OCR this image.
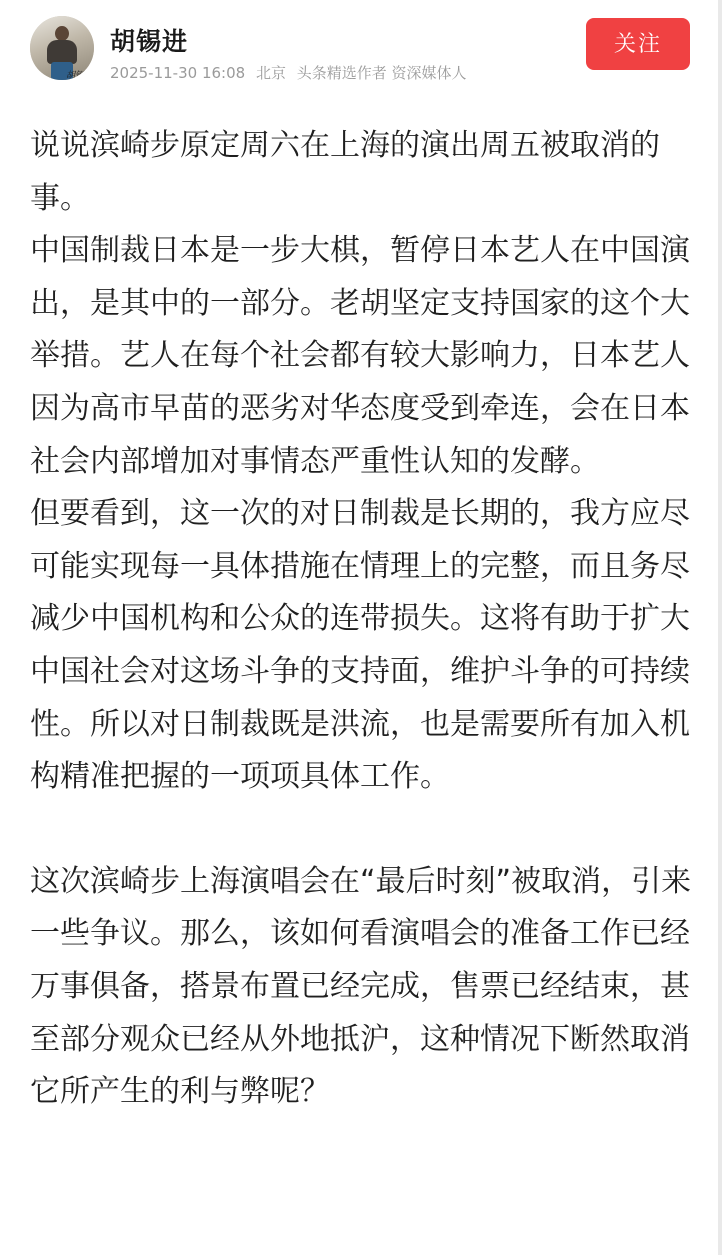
胡锡进
胡锡进
2025-11-30 16:08 北京 头条精选作者 资深媒体人
关注

说说滨崎步原定周六在上海的演出周五被取消的事。

中国制裁日本是一步大棋，暂停日本艺人在中国演出，是其中的一部分。老胡坚定支持国家的这个大举措。艺人在每个社会都有较大影响力，日本艺人因为高市早苗的恶劣对华态度受到牵连，会在日本社会内部增加对事情态严重性认知的发酵。

但要看到，这一次的对日制裁是长期的，我方应尽可能实现每一具体措施在情理上的完整，而且务尽减少中国机构和公众的连带损失。这将有助于扩大中国社会对这场斗争的支持面，维护斗争的可持续性。所以对日制裁既是洪流，也是需要所有加入机构精准把握的一项项具体工作。

这次滨崎步上海演唱会在“最后时刻”被取消，引来一些争议。那么，该如何看演唱会的准备工作已经万事俱备，搭景布置已经完成，售票已经结束，甚至部分观众已经从外地抵沪，这种情况下断然取消它所产生的利与弊呢？
